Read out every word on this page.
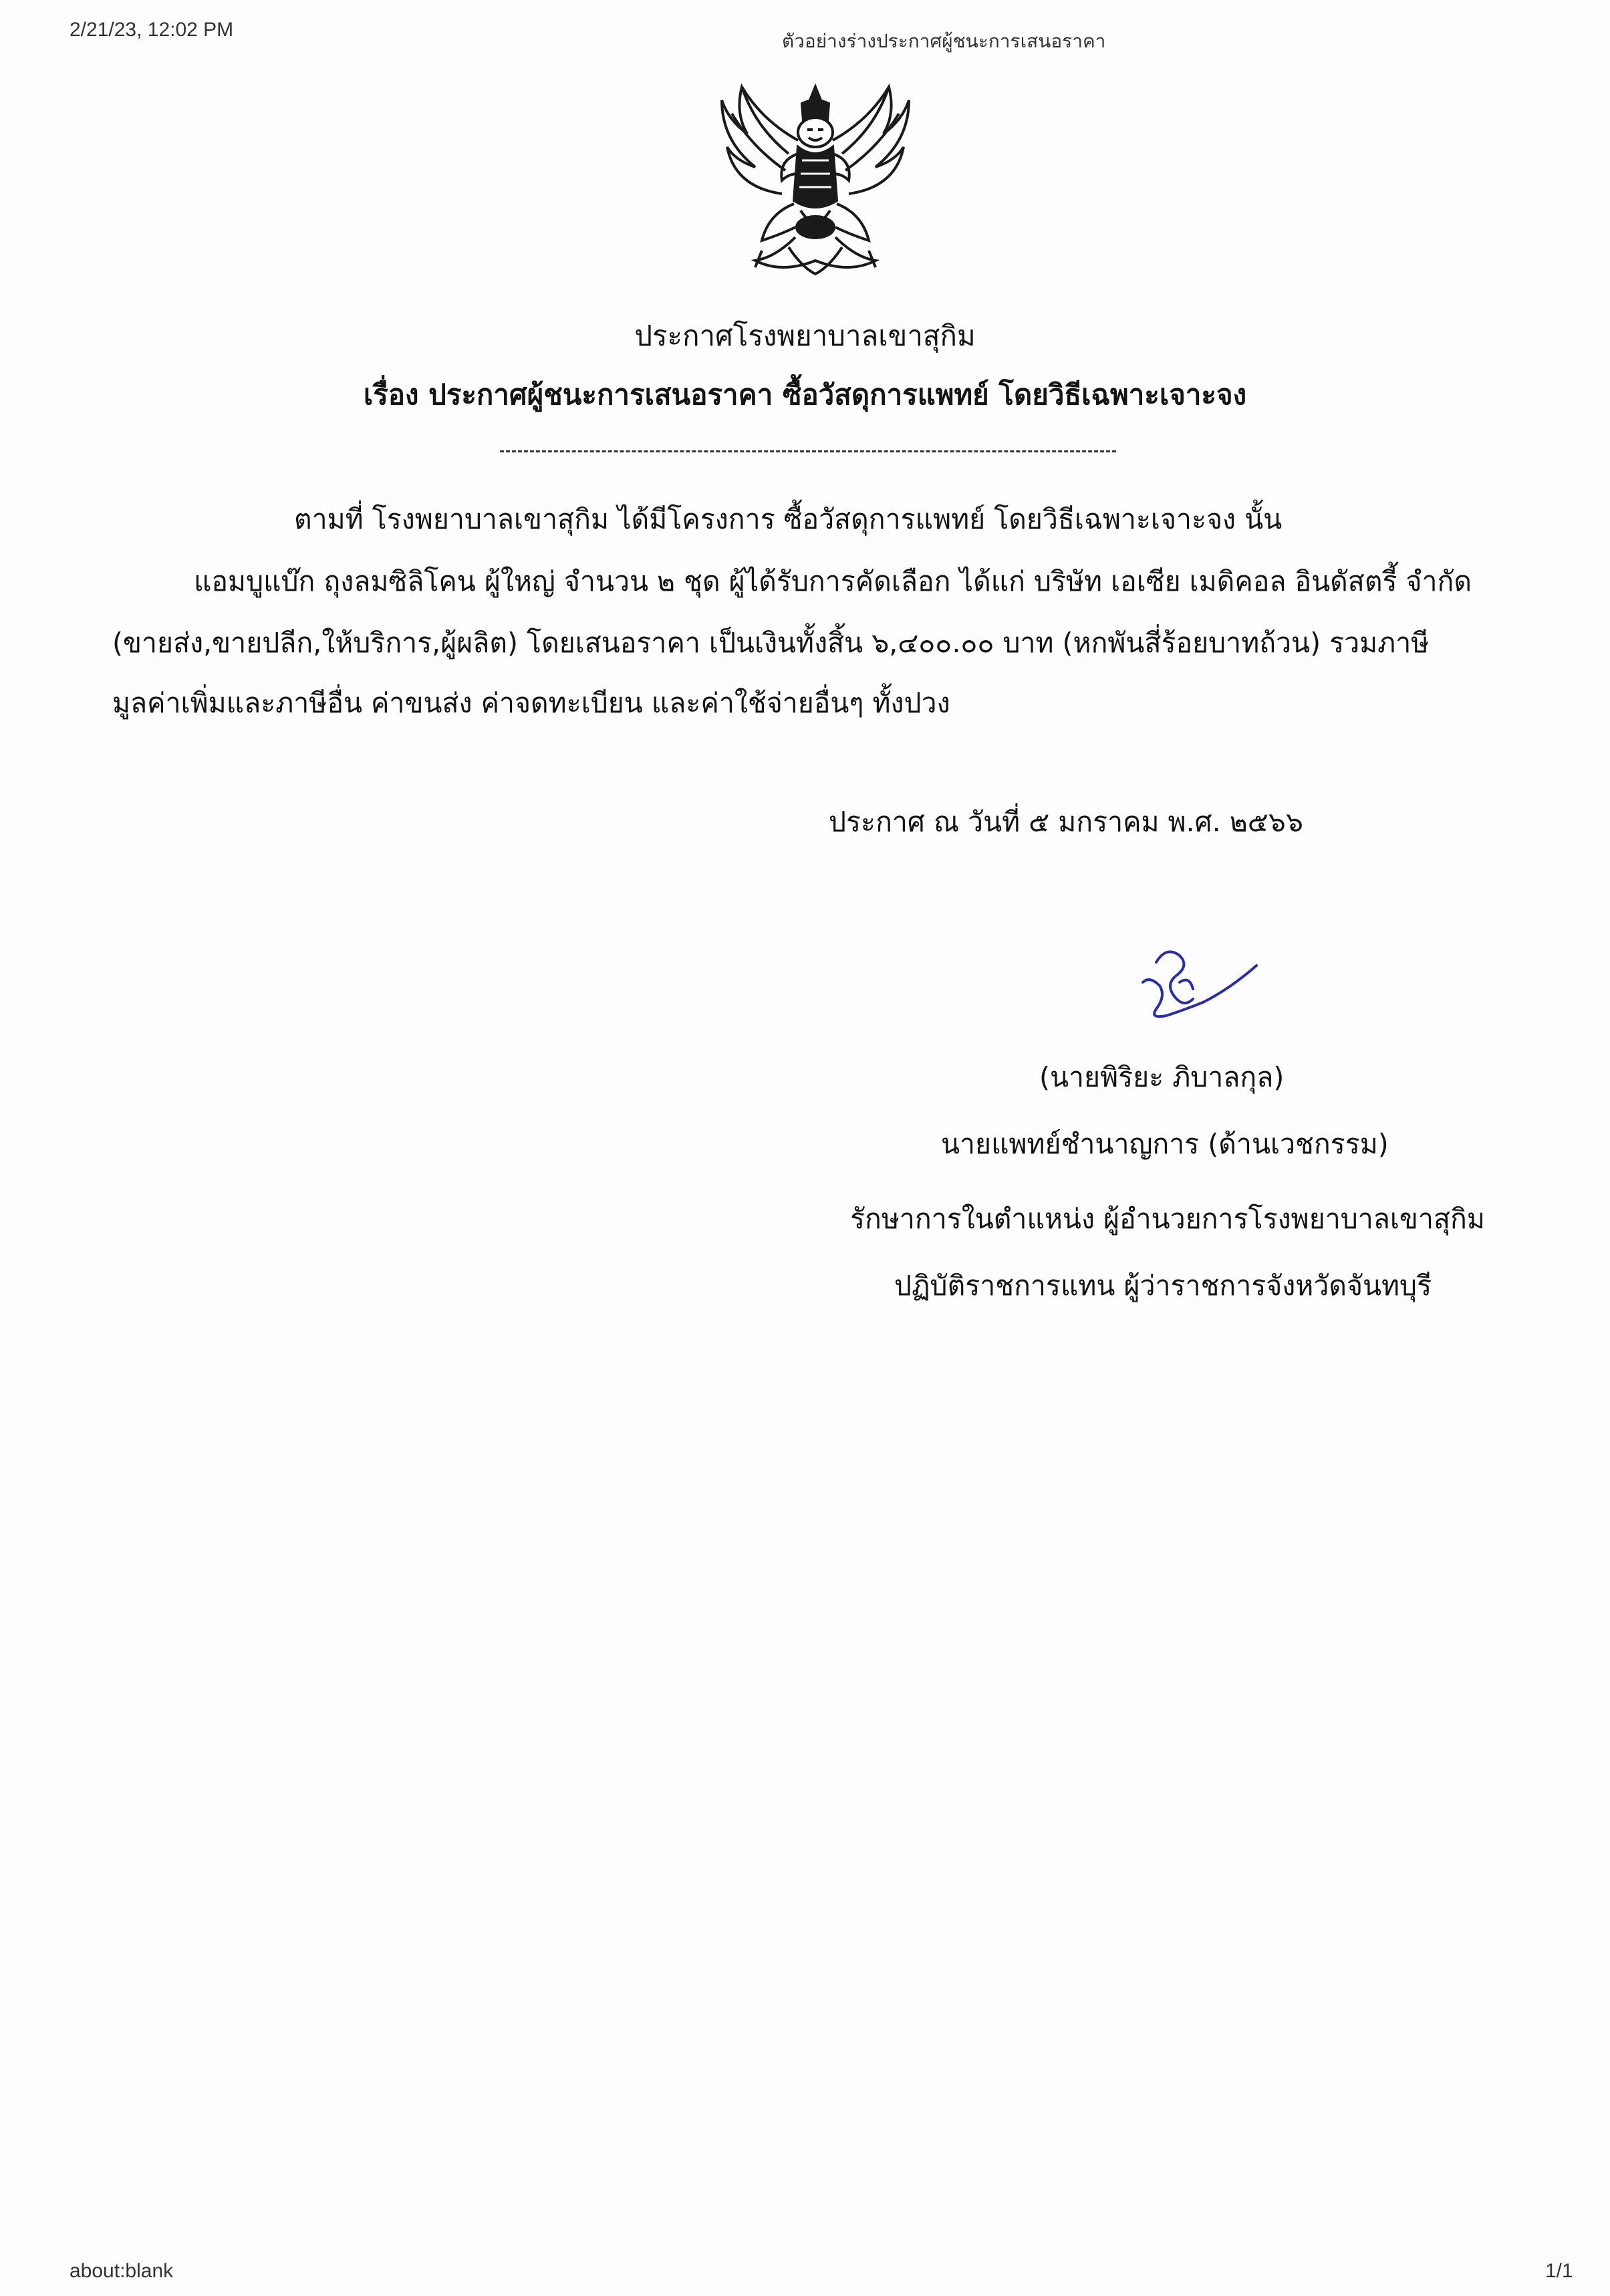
2/21/23, 12:02 PM
ตัวอย่างร่างประกาศผู้ชนะการเสนอราคา
ประกาศโรงพยาบาลเขาสุกิม
เรื่อง ประกาศผู้ชนะการเสนอราคา ซื้อวัสดุการแพทย์ โดยวิธีเฉพาะเจาะจง
ตามที่ โรงพยาบาลเขาสุกิม ได้มีโครงการ ซื้อวัสดุการแพทย์ โดยวิธีเฉพาะเจาะจง นั้น
แอมบูแบ๊ก ถุงลมซิลิโคน ผู้ใหญ่ จำนวน ๒ ชุด ผู้ได้รับการคัดเลือก ได้แก่ บริษัท เอเซีย เมดิคอล อินดัสตรี้ จำกัด
(ขายส่ง,ขายปลีก,ให้บริการ,ผู้ผลิต) โดยเสนอราคา เป็นเงินทั้งสิ้น ๖,๔๐๐.๐๐ บาท (หกพันสี่ร้อยบาทถ้วน) รวมภาษี
มูลค่าเพิ่มและภาษีอื่น ค่าขนส่ง ค่าจดทะเบียน และค่าใช้จ่ายอื่นๆ ทั้งปวง
ประกาศ ณ วันที่ ๕ มกราคม พ.ศ. ๒๕๖๖
(นายพิริยะ ภิบาลกุล)
นายแพทย์ชำนาญการ (ด้านเวชกรรม)
รักษาการในตำแหน่ง ผู้อำนวยการโรงพยาบาลเขาสุกิม
ปฏิบัติราชการแทน ผู้ว่าราชการจังหวัดจันทบุรี
about:blank	1/1
